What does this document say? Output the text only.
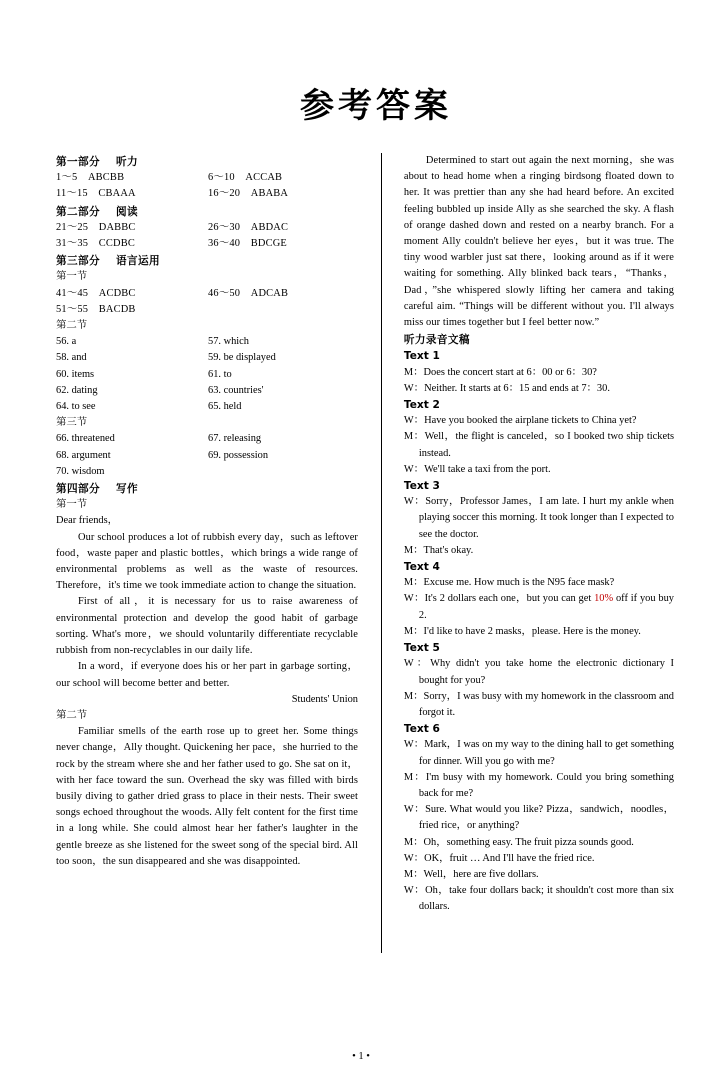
参考答案
第一部分 听力
1～5　ABCBB	6～10　ACCAB
11～15　CBAAA	16～20　ABABA
第二部分 阅读
21～25　DABBC	26～30　ABDAC
31～35　CCDBC	36～40　BDCGE
第三部分 语言运用
第一节
41～45　ACDBC	46～50　ADCAB
51～55　BACDB
第二节
56. a	57. which
58. and	59. be displayed
60. items	61. to
62. dating	63. countries'
64. to see	65. held
第三节
66. threatened	67. releasing
68. argument	69. possession
70. wisdom
第四部分 写作
第一节

Dear friends，

Our school produces a lot of rubbish every day，such as leftover food，waste paper and plastic bottles，which brings a wide range of environmental problems as well as the waste of resources. Therefore，it's time we took immediate action to change the situation.

First of all，it is necessary for us to raise awareness of environmental protection and develop the good habit of garbage sorting. What's more，we should voluntarily differentiate recyclable rubbish from non-recyclables in our daily life.

In a word，if everyone does his or her part in garbage sorting，our school will become better and better.

Students' Union

第二节

Familiar smells of the earth rose up to greet her. Some things never change，Ally thought. Quickening her pace，she hurried to the rock by the stream where she and her father used to go. She sat on it，with her face toward the sun. Overhead the sky was filled with birds busily diving to gather dried grass to place in their nests. Their sweet songs echoed throughout the woods. Ally felt content for the first time in a long while. She could almost hear her father's laughter in the gentle breeze as she listened for the sweet song of the special bird. All too soon，the sun disappeared and she was disappointed.

Determined to start out again the next morning，she was about to head home when a ringing birdsong floated down to her. It was prettier than any she had heard before. An excited feeling bubbled up inside Ally as she searched the sky. A flash of orange dashed down and rested on a nearby branch. For a moment Ally couldn't believe her eyes，but it was true. The tiny wood warbler just sat there，looking around as if it were waiting for something. Ally blinked back tears，“Thanks，Dad，”she whispered slowly lifting her camera and taking careful aim. “Things will be different without you. I'll always miss our times together but I feel better now.”

听力录音文稿
Text 1

M：Does the concert start at 6：00 or 6：30?

W：Neither. It starts at 6：15 and ends at 7：30.

Text 2

W：Have you booked the airplane tickets to China yet?

M：Well，the flight is canceled，so I booked two ship tickets instead.

W：We'll take a taxi from the port.

Text 3

W：Sorry，Professor James，I am late. I hurt my ankle when playing soccer this morning. It took longer than I expected to see the doctor.

M：That's okay.

Text 4

M：Excuse me. How much is the N95 face mask?

W：It's 2 dollars each one，but you can get 10% off if you buy 2.

M：I'd like to have 2 masks，please. Here is the money.

Text 5

W：Why didn't you take home the electronic dictionary I bought for you?

M：Sorry，I was busy with my homework in the classroom and forgot it.

Text 6

W：Mark，I was on my way to the dining hall to get something for dinner. Will you go with me?

M：I'm busy with my homework. Could you bring something back for me?

W：Sure. What would you like? Pizza，sandwich，noodles，fried rice，or anything?

M：Oh，something easy. The fruit pizza sounds good.

W：OK，fruit … And I'll have the fried rice.

M：Well，here are five dollars.

W：Oh，take four dollars back; it shouldn't cost more than six dollars.

• 1 •
